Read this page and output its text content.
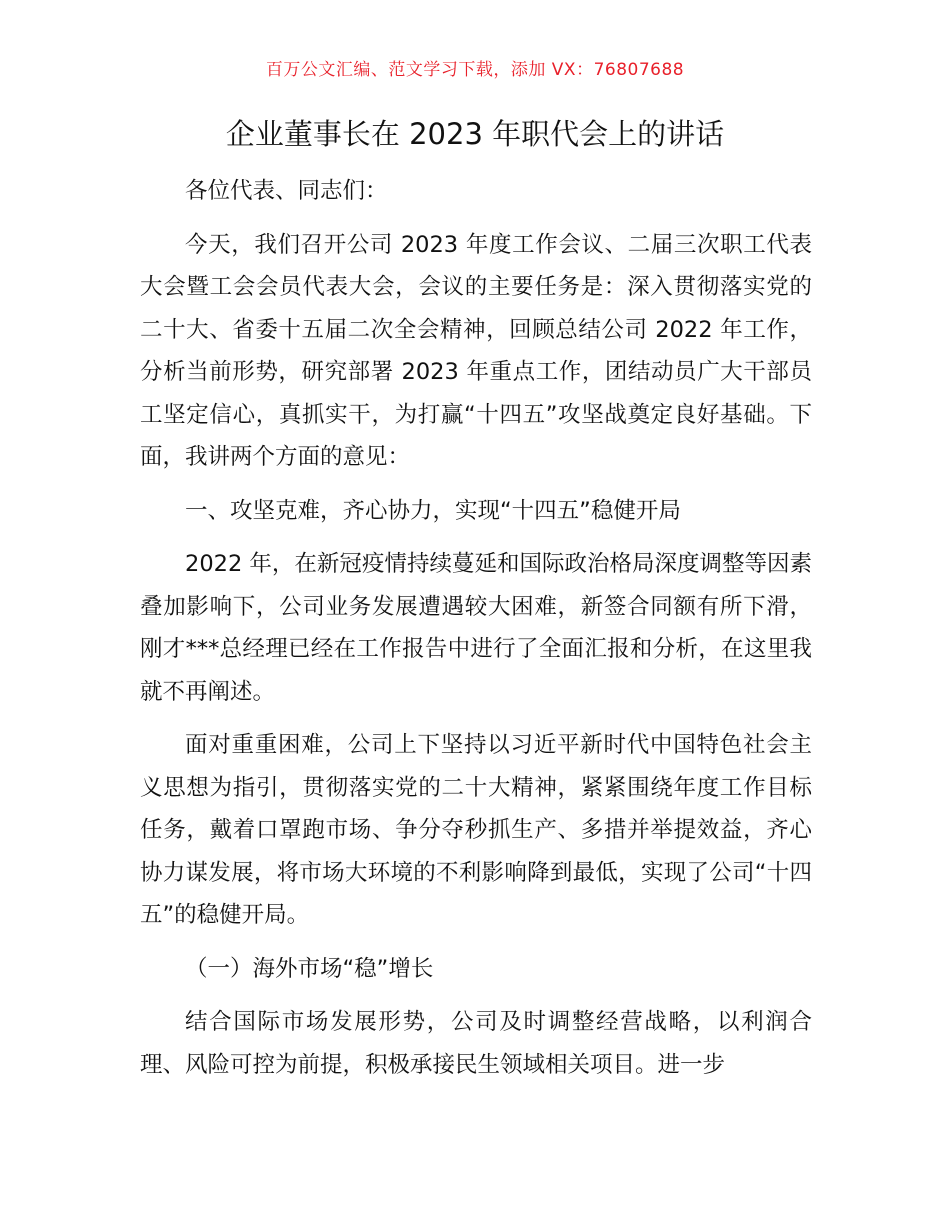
百万公文汇编、范文学习下载，添加 VX：76807688
企业董事长在 2023 年职代会上的讲话

各位代表、同志们：

今天，我们召开公司 2023 年度工作会议、二届三次职工代表大会暨工会会员代表大会，会议的主要任务是：深入贯彻落实党的二十大、省委十五届二次全会精神，回顾总结公司 2022 年工作，分析当前形势，研究部署 2023 年重点工作，团结动员广大干部员工坚定信心，真抓实干，为打赢“十四五”攻坚战奠定良好基础。下面，我讲两个方面的意见：

一、攻坚克难，齐心协力，实现“十四五”稳健开局

2022 年，在新冠疫情持续蔓延和国际政治格局深度调整等因素叠加影响下，公司业务发展遭遇较大困难，新签合同额有所下滑，刚才***总经理已经在工作报告中进行了全面汇报和分析，在这里我就不再阐述。

面对重重困难，公司上下坚持以习近平新时代中国特色社会主义思想为指引，贯彻落实党的二十大精神，紧紧围绕年度工作目标任务，戴着口罩跑市场、争分夺秒抓生产、多措并举提效益，齐心协力谋发展，将市场大环境的不利影响降到最低，实现了公司“十四五”的稳健开局。

（一）海外市场“稳”增长

结合国际市场发展形势，公司及时调整经营战略，以利润合理、风险可控为前提，积极承接民生领域相关项目。进一步
